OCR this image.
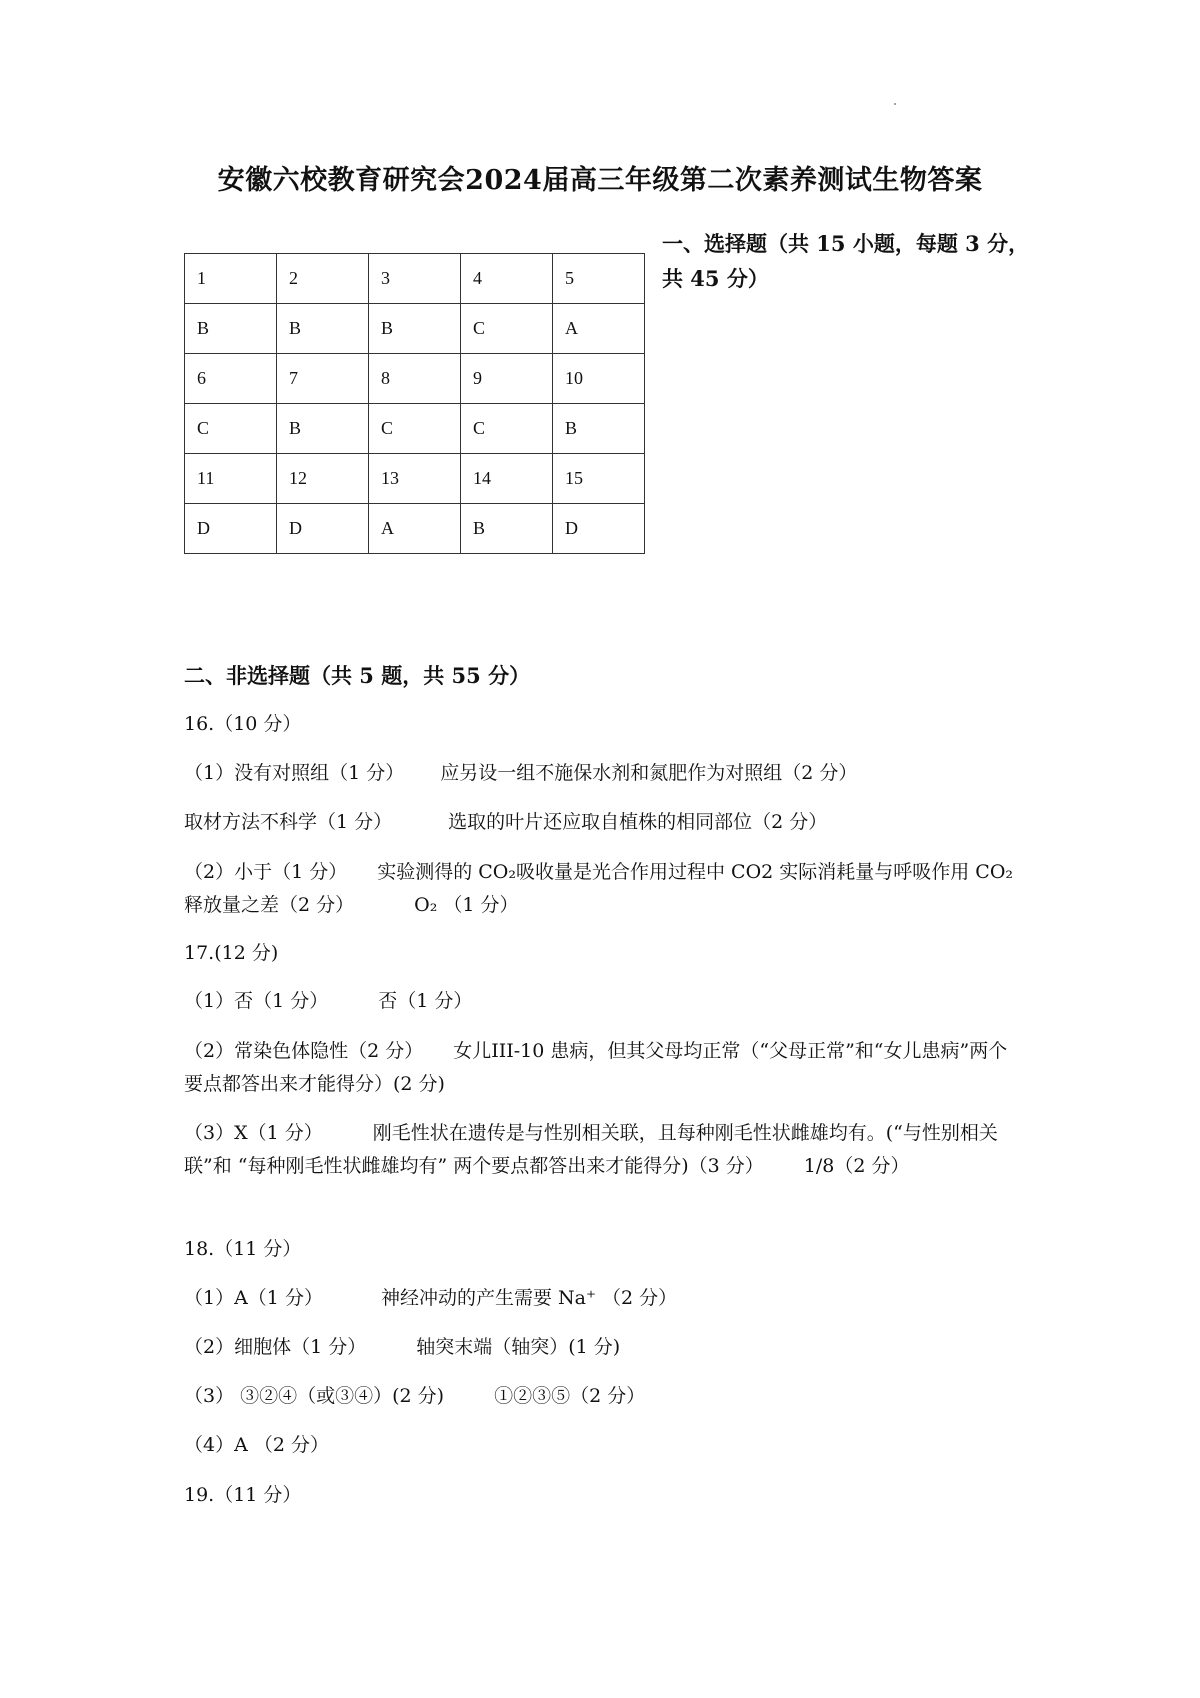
安徽六校教育研究会2024届高三年级第二次素养测试生物答案
1	2	3	4	5
B	B	B	C	A
6	7	8	9	10
C	B	C	C	B
11	12	13	14	15
D	D	A	B	D
一、选择题（共 15 小题，每题 3 分，共 45 分）
二、非选择题（共 5 题，共 55 分）
16.（10 分）
（1）没有对照组（1 分） 应另设一组不施保水剂和氮肥作为对照组（2 分）
取材方法不科学（1 分）	选取的叶片还应取自植株的相同部位（2 分）
（2）小于（1 分） 实验测得的 CO₂吸收量是光合作用过程中 CO2 实际消耗量与呼吸作用 CO₂释放量之差（2 分）	O₂ （1 分）
17.(12 分)
（1）否（1 分）	否（1 分）
（2）常染色体隐性（2 分） 女儿III-10 患病，但其父母均正常（“父母正常”和“女儿患病”两个要点都答出来才能得分）(2 分)
（3）X（1 分）	刚毛性状在遗传是与性别相关联，且每种刚毛性状雌雄均有。(“与性别相关联”和 “每种刚毛性状雌雄均有” 两个要点都答出来才能得分)（3 分） 1/8（2 分）
18.（11 分）
（1）A（1 分）	神经冲动的产生需要 Na⁺ （2 分）
（2）细胞体（1 分）	轴突末端（轴突）(1 分)
（3） ③②④（或③④）(2 分)	①②③⑤（2 分）
（4）A （2 分）
19.（11 分）
